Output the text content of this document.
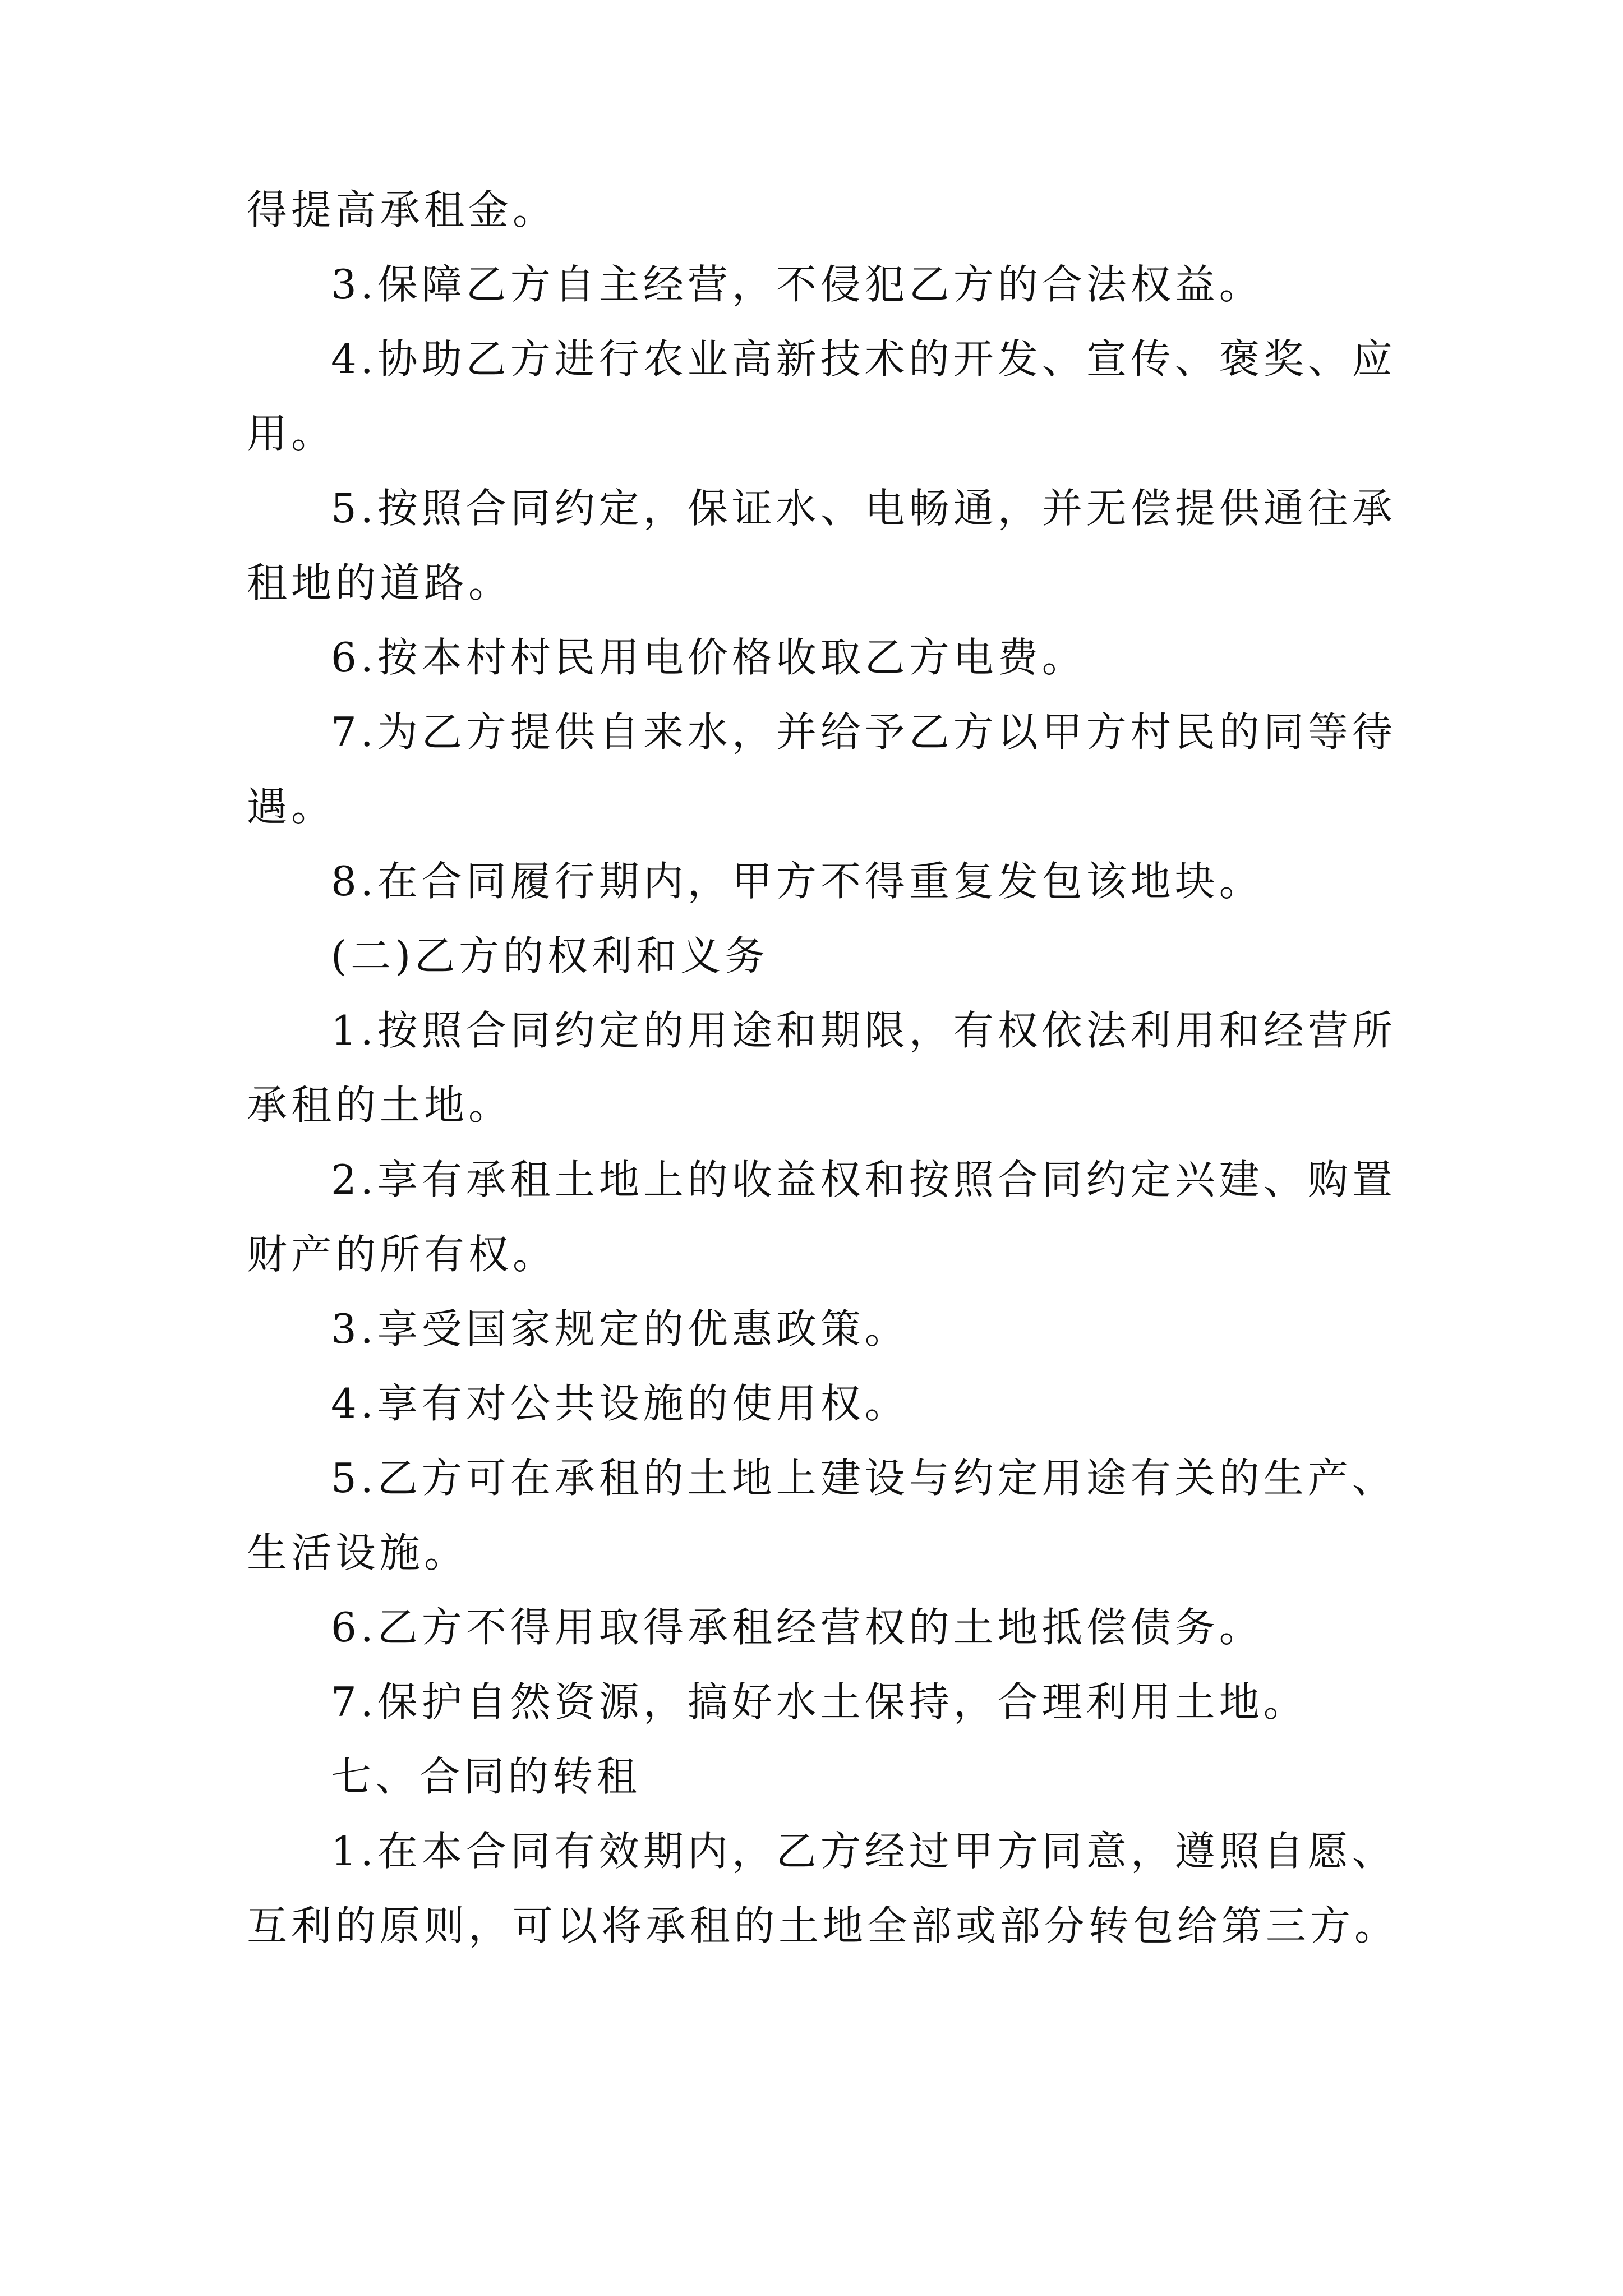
得提高承租金。
3.保障乙方自主经营，不侵犯乙方的合法权益。
4.协助乙方进行农业高新技术的开发、宣传、褒奖、应
用。
5.按照合同约定，保证水、电畅通，并无偿提供通往承
租地的道路。
6.按本村村民用电价格收取乙方电费。
7.为乙方提供自来水，并给予乙方以甲方村民的同等待
遇。
8.在合同履行期内，甲方不得重复发包该地块。
(二)乙方的权利和义务
1.按照合同约定的用途和期限，有权依法利用和经营所
承租的土地。
2.享有承租土地上的收益权和按照合同约定兴建、购置
财产的所有权。
3.享受国家规定的优惠政策。
4.享有对公共设施的使用权。
5.乙方可在承租的土地上建设与约定用途有关的生产、
生活设施。
6.乙方不得用取得承租经营权的土地抵偿债务。
7.保护自然资源，搞好水土保持，合理利用土地。
七、合同的转租
1.在本合同有效期内，乙方经过甲方同意，遵照自愿、
互利的原则，可以将承租的土地全部或部分转包给第三方。
